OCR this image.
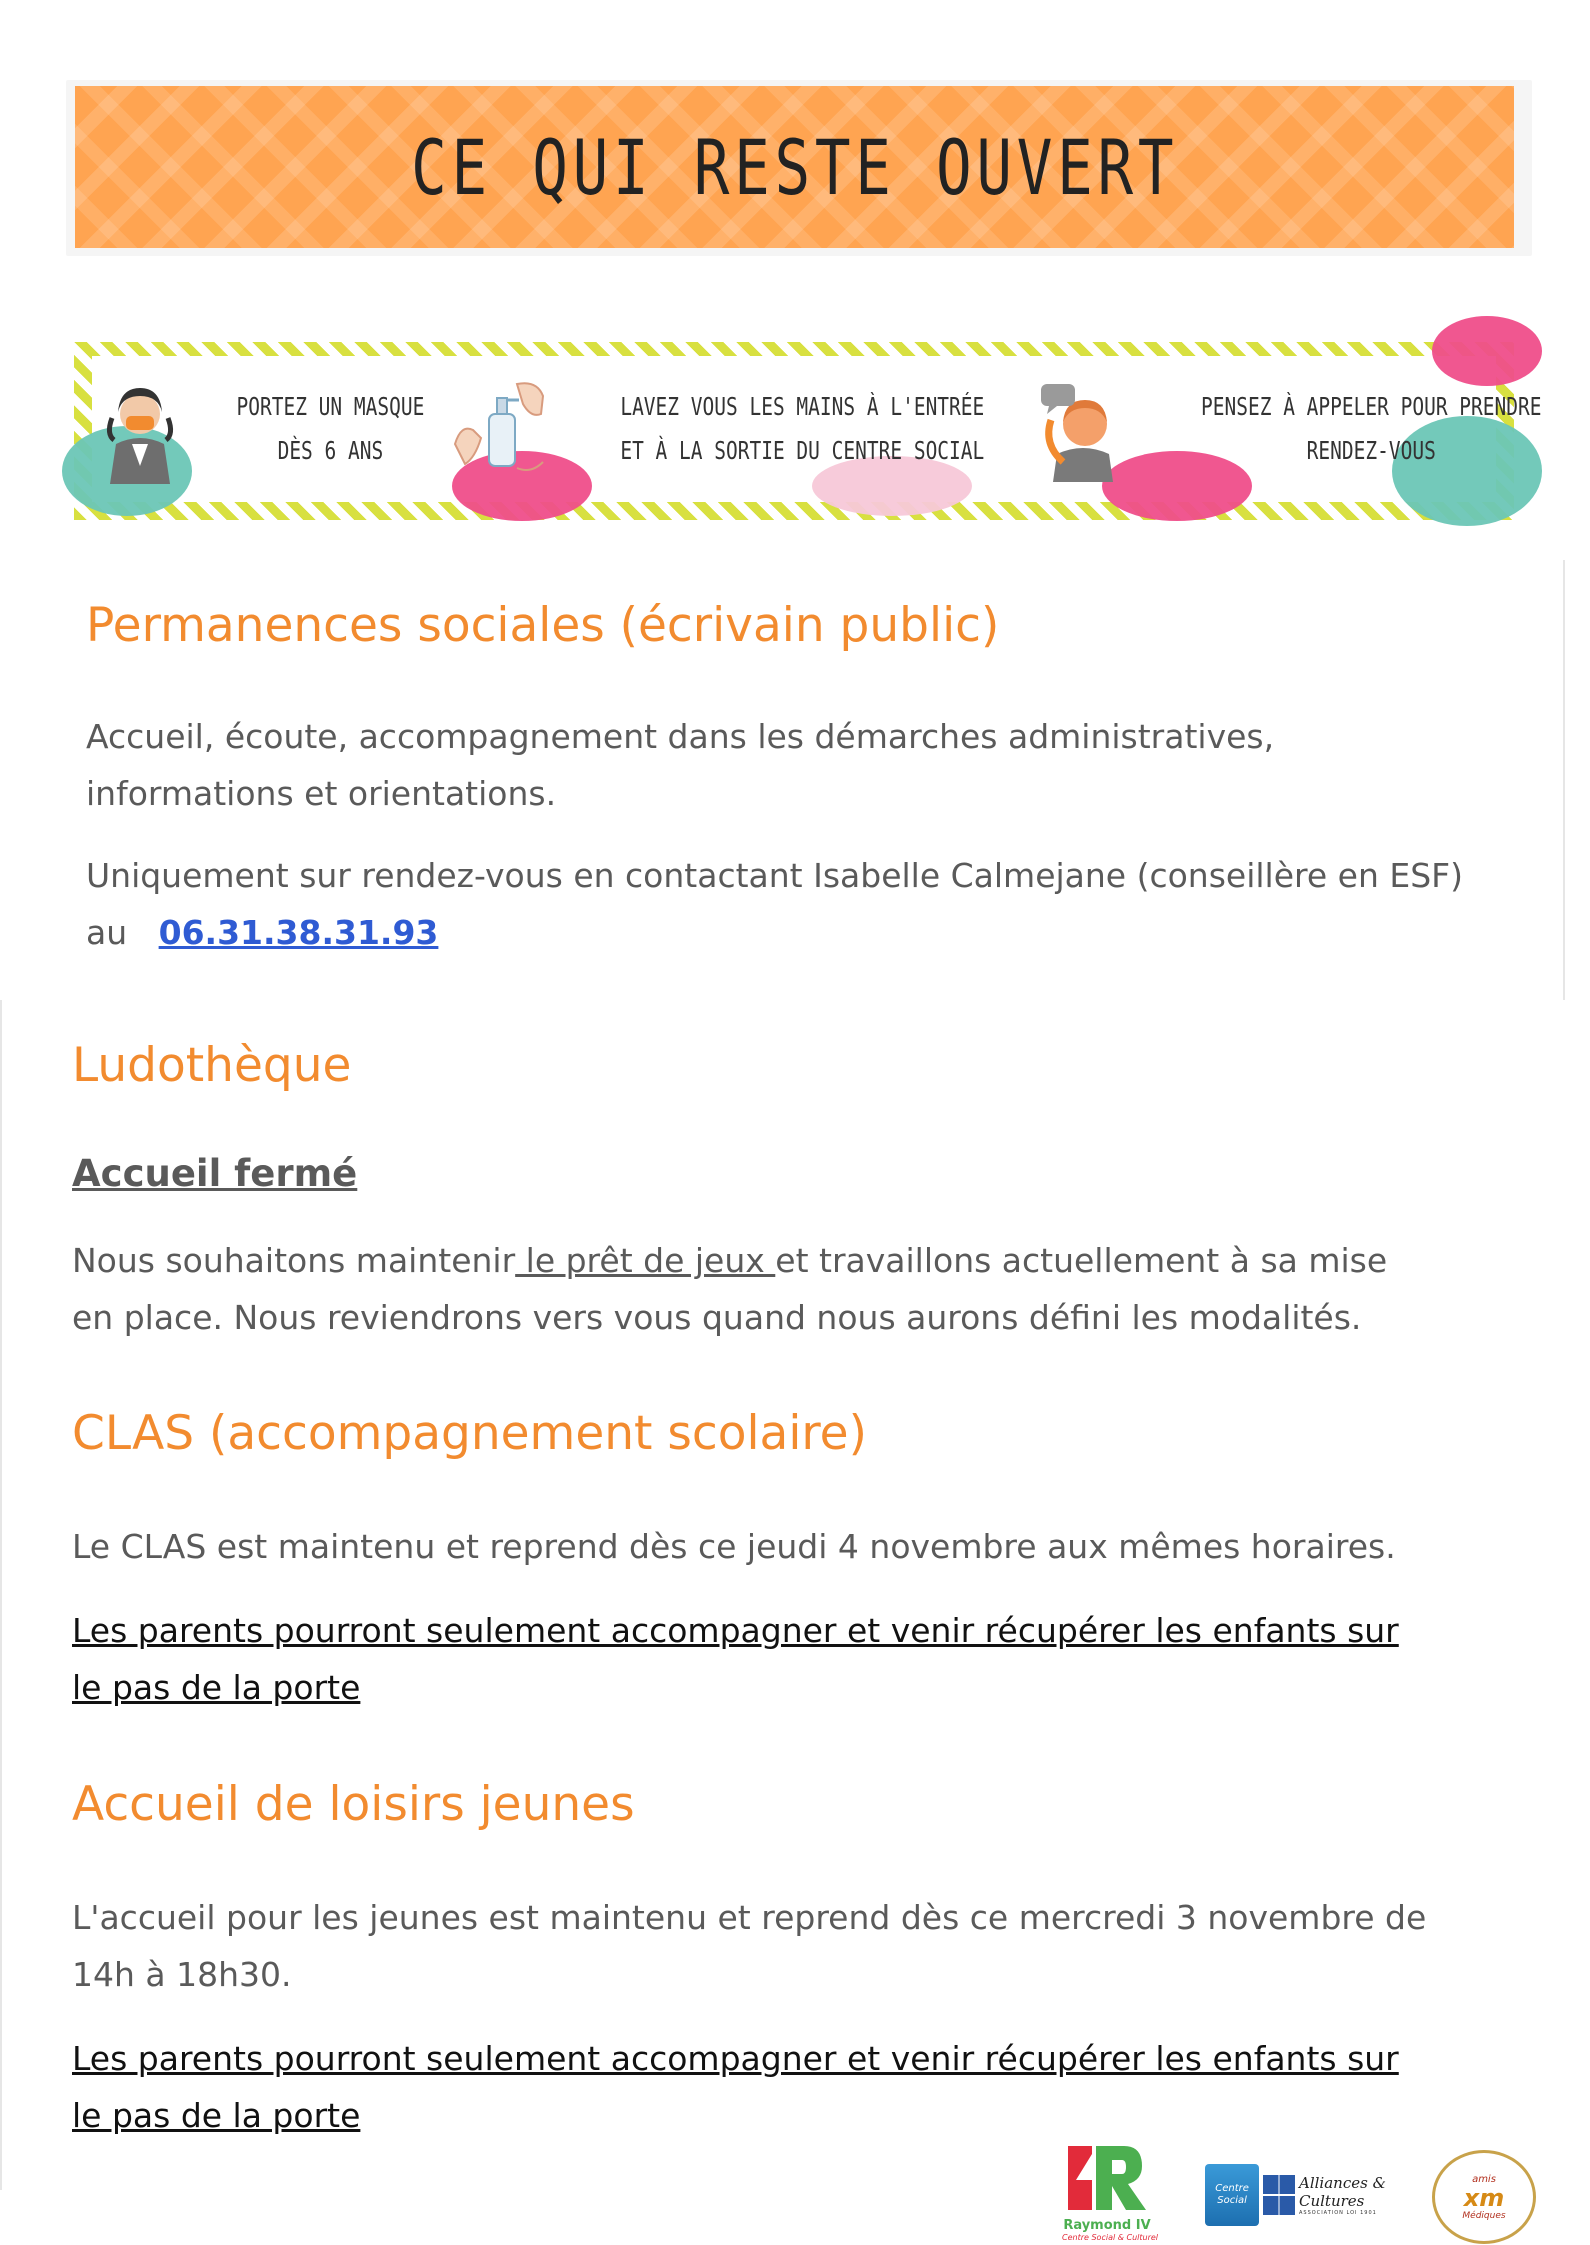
CE QUI RESTE OUVERT
PORTEZ UN MASQUE
DÈS 6 ANS
LAVEZ VOUS LES MAINS À L'ENTRÉE
ET À LA SORTIE DU CENTRE SOCIAL
PENSEZ À APPELER POUR PRENDRE
RENDEZ-VOUS
Permanences sociales (écrivain public)

Accueil, écoute, accompagnement dans les démarches administratives,
informations et orientations.

Uniquement sur rendez-vous en contactant Isabelle Calmejane (conseillère en ESF)
au 06.31.38.31.93

Ludothèque
Accueil fermé

Nous souhaitons maintenir le prêt de jeux et travaillons actuellement à sa mise
en place. Nous reviendrons vers vous quand nous aurons défini les modalités.

CLAS (accompagnement scolaire)

Le CLAS est maintenu et reprend dès ce jeudi 4 novembre aux mêmes horaires.

Les parents pourront seulement accompagner et venir récupérer les enfants sur
le pas de la porte

Accueil de loisirs jeunes

L'accueil pour les jeunes est maintenu et reprend dès ce mercredi 3 novembre de
14h à 18h30.

Les parents pourront seulement accompagner et venir récupérer les enfants sur
le pas de la porte

Raymond IV
Centre Social & Culturel
Centre Social
Alliances & Cultures
ASSOCIATION LOI 1901
amis
xm
Médiques
